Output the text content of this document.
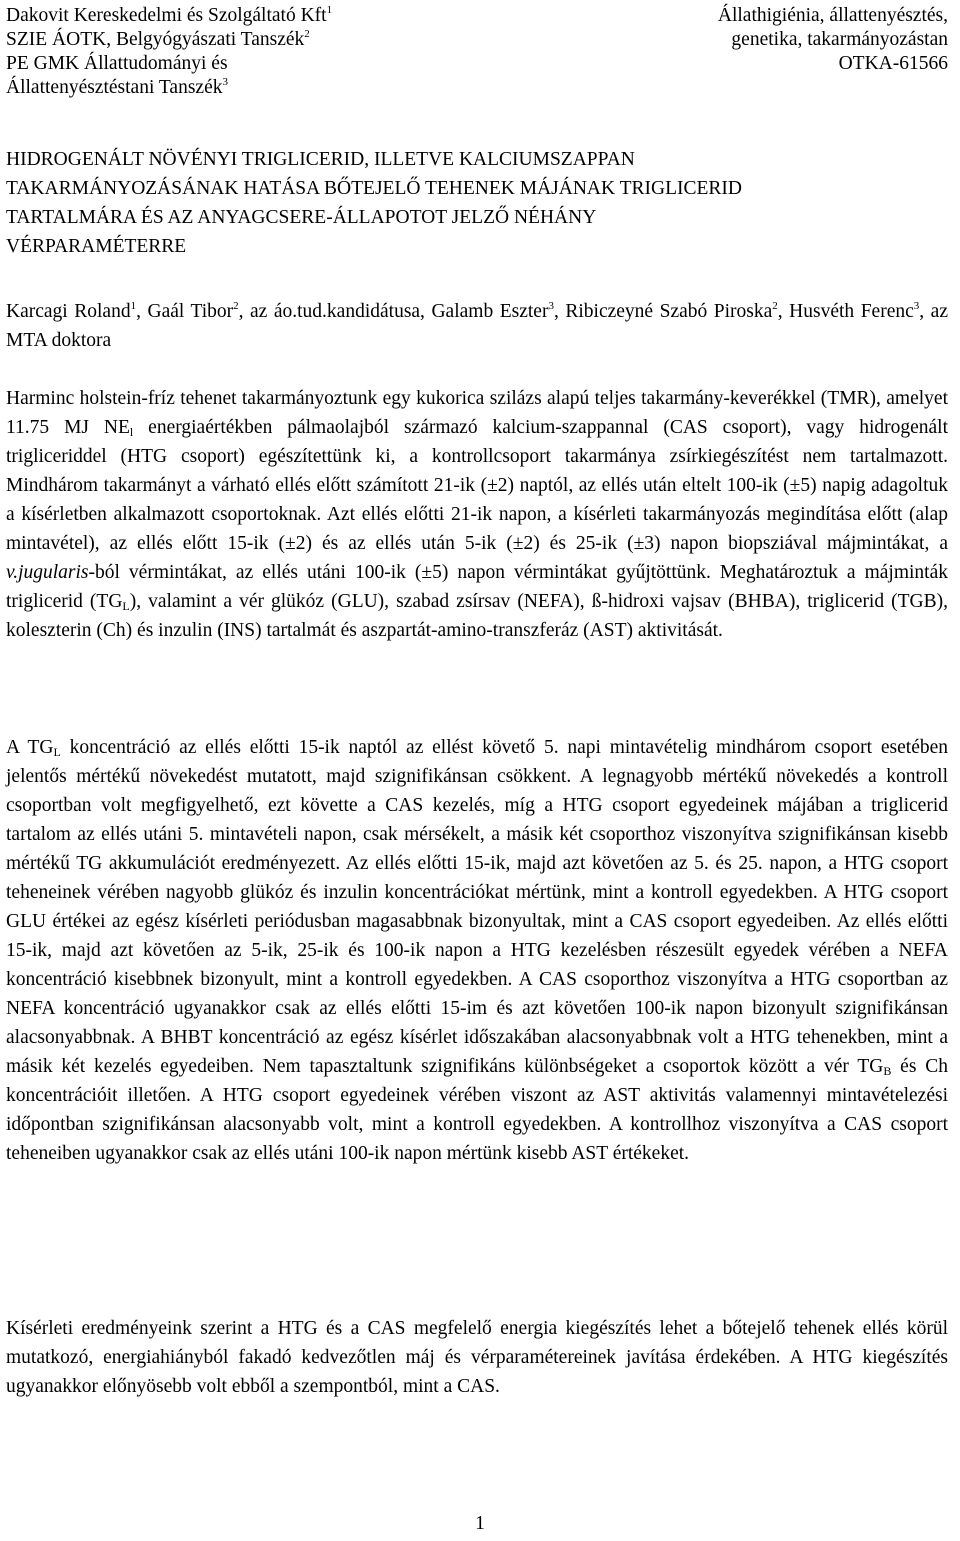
Dakovit Kereskedelmi és Szolgáltató Kft$^1$
SZIE ÁOTK, Belgyógyászati Tanszék$^2$
PE GMK Állattudományi és
Állattenyésztéstani Tanszék$^3$
Állathigiénia, állattenyésztés,
genetika, takarmányozástan
OTKA-61566
HIDROGENÁLT NÖVÉNYI TRIGLICERID, ILLETVE KALCIUMSZAPPAN
TAKARMÁNYOZÁSÁNAK HATÁSA BŐTEJELŐ TEHENEK MÁJÁNAK TRIGLICERID
TARTALMÁRA ÉS AZ ANYAGCSERE-ÁLLAPOTOT JELZŐ NÉHÁNY
VÉRPARAMÉTERRE
Karcagi Roland$^1$, Gaál Tibor$^2$, az áo.tud.kandidátusa, Galamb Eszter$^3$, Ribiczeyné Szabó Piroska$^2$, Husvéth Ferenc$^3$, az MTA doktora
Harminc holstein-fríz tehenet takarmányoztunk egy kukorica szilázs alapú teljes takarmány-keverékkel (TMR), amelyet 11.75 MJ $NE_l$ energiaértékben pálmaolajból származó kalcium-szappannal (CAS csoport), vagy hidrogenált trigliceriddel (HTG csoport) egészítettünk ki, a kontrollcsoport takarmánya zsírkiegészítést nem tartalmazott. Mindhárom takarmányt a várható ellés előtt számított 21-ik (±2) naptól, az ellés után eltelt 100-ik (±5) napig adagoltuk a kísérletben alkalmazott csoportoknak. Azt ellés előtti 21-ik napon, a kísérleti takarmányozás megindítása előtt (alap mintavétel), az ellés előtt 15-ik (±2) és az ellés után 5-ik (±2) és 25-ik (±3) napon biopsziával májmintákat, a v.jugularis-ból vérmintákat, az ellés utáni 100-ik (±5) napon vérmintákat gyűjtöttünk. Meghatároztuk a májminták triglicerid $(TG_L)$, valamint a vér glükóz (GLU), szabad zsírsav (NEFA), ß-hidroxi vajsav (BHBA), triglicerid (TGB), koleszterin (Ch) és inzulin (INS) tartalmát és aszpartát-amino-transzferáz (AST) aktivitását.
A $TG_L$ koncentráció az ellés előtti 15-ik naptól az ellést követő 5. napi mintavételig mindhárom csoport esetében jelentős mértékű növekedést mutatott, majd szignifikánsan csökkent. A legnagyobb mértékű növekedés a kontroll csoportban volt megfigyelhető, ezt követte a CAS kezelés, míg a HTG csoport egyedeinek májában a triglicerid tartalom az ellés utáni 5. mintavételi napon, csak mérsékelt, a másik két csoporthoz viszonyítva szignifikánsan kisebb mértékű TG akkumulációt eredményezett. Az ellés előtti 15-ik, majd azt követően az 5. és 25. napon, a HTG csoport teheneinek vérében nagyobb glükóz és inzulin koncentrációkat mértünk, mint a kontroll egyedekben. A HTG csoport GLU értékei az egész kísérleti periódusban magasabbnak bizonyultak, mint a CAS csoport egyedeiben. Az ellés előtti 15-ik, majd azt követően az 5-ik, 25-ik és 100-ik napon a HTG kezelésben részesült egyedek vérében a NEFA koncentráció kisebbnek bizonyult, mint a kontroll egyedekben. A CAS csoporthoz viszonyítva a HTG csoportban az NEFA koncentráció ugyanakkor csak az ellés előtti 15-im és azt követően 100-ik napon bizonyult szignifikánsan alacsonyabbnak. A BHBT koncentráció az egész kísérlet időszakában alacsonyabbnak volt a HTG tehenekben, mint a másik két kezelés egyedeiben. Nem tapasztaltunk szignifikáns különbségeket a csoportok között a vér $TG_B$ és Ch koncentrációit illetően. A HTG csoport egyedeinek vérében viszont az AST aktivitás valamennyi mintavételezési időpontban szignifikánsan alacsonyabb volt, mint a kontroll egyedekben. A kontrollhoz viszonyítva a CAS csoport teheneiben ugyanakkor csak az ellés utáni 100-ik napon mértünk kisebb AST értékeket.
Kísérleti eredményeink szerint a HTG és a CAS megfelelő energia kiegészítés lehet a bőtejelő tehenek ellés körül mutatkozó, energiahiányból fakadó kedvezőtlen máj és vérparamétereinek javítása érdekében. A HTG kiegészítés ugyanakkor előnyösebb volt ebből a szempontból, mint a CAS.
1
